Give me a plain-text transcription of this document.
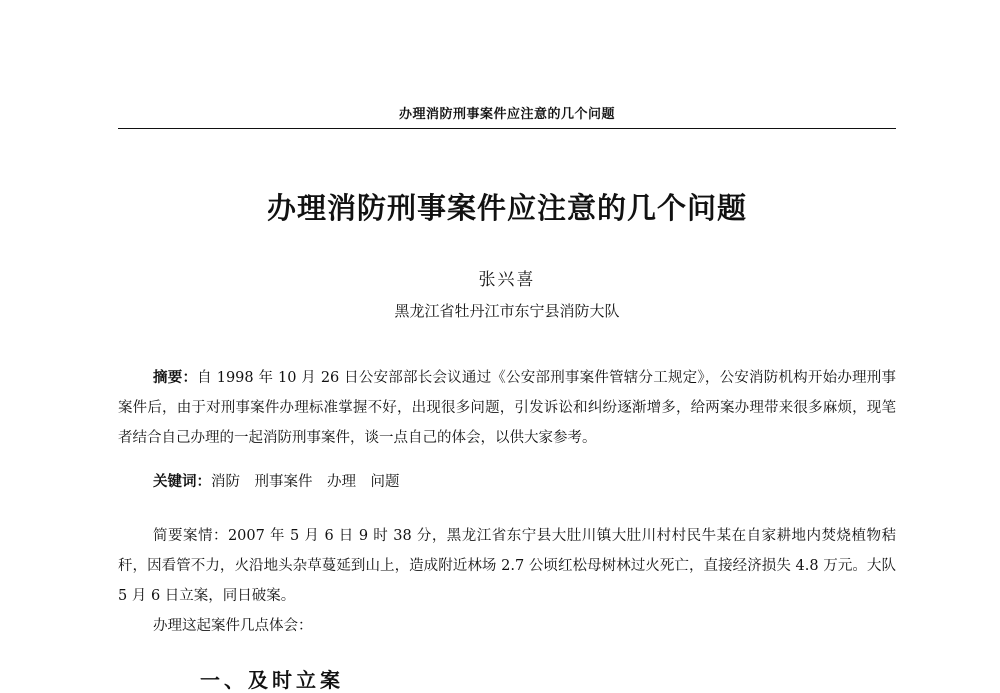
办理消防刑事案件应注意的几个问题
办理消防刑事案件应注意的几个问题
张兴喜
黑龙江省牡丹江市东宁县消防大队

摘要：自 1998 年 10 月 26 日公安部部长会议通过《公安部刑事案件管辖分工规定》，公安消防机构开始办理刑事案件后，由于对刑事案件办理标准掌握不好，出现很多问题，引发诉讼和纠纷逐渐增多，给两案办理带来很多麻烦，现笔者结合自己办理的一起消防刑事案件，谈一点自己的体会，以供大家参考。

关键词：消防　刑事案件　办理　问题

简要案情：2007 年 5 月 6 日 9 时 38 分，黑龙江省东宁县大肚川镇大肚川村村民牛某在自家耕地内焚烧植物秸秆，因看管不力，火沿地头杂草蔓延到山上，造成附近林场 2.7 公顷红松母树林过火死亡，直接经济损失 4.8 万元。大队 5 月 6 日立案，同日破案。

办理这起案件几点体会：

一、及时立案
